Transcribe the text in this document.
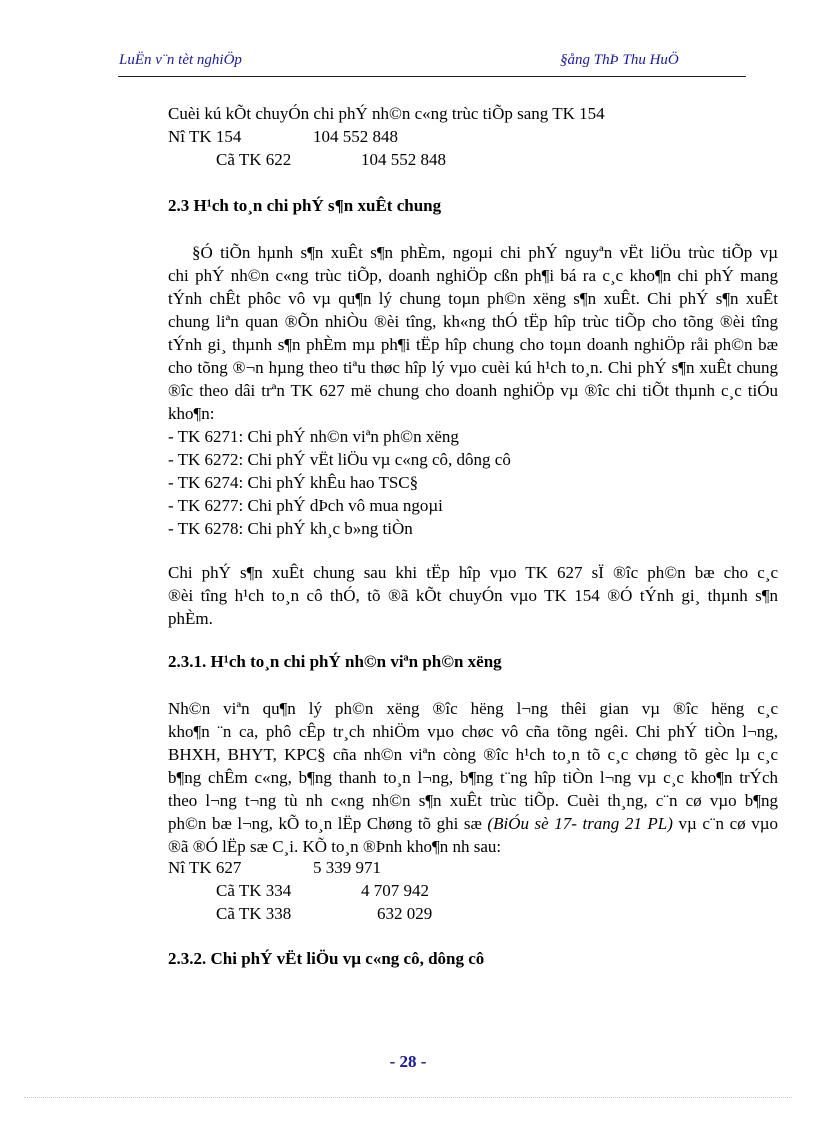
LuËn v¨n tèt nghiÖp	§ång ThÞ Thu HuÖ
Cuèi kú kÕt chuyÓn chi phÝ nh©n c«ng trùc tiÕp sang TK 154
Nî TK 154	104 552 848
Cã TK 622	104 552 848
2.3 H¹ch to¸n chi phÝ s¶n xuÊt chung
§Ó tiÕn hµnh s¶n xuÊt s¶n phÈm, ngoµi chi phÝ nguyªn vËt liÖu trùc tiÕp vµ
chi phÝ nh©n c«ng trùc tiÕp, doanh nghiÖp cßn ph¶i bá ra c¸c kho¶n chi phÝ mang
tÝnh chÊt phôc vô vµ qu¶n lý chung toµn ph©n xëng s¶n xuÊt. Chi phÝ s¶n xuÊt
chung liªn quan ®Õn nhiÒu ®èi tîng, kh«ng thÓ tËp hîp trùc tiÕp cho tõng ®èi tîng
tÝnh gi¸ thµnh s¶n phÈm mµ ph¶i tËp hîp chung cho toµn doanh nghiÖp råi ph©n bæ
cho tõng ®¬n hµng theo tiªu thøc hîp lý vµo cuèi kú h¹ch to¸n. Chi phÝ s¶n xuÊt chung
®îc theo dâi trªn TK 627 më chung cho doanh nghiÖp vµ ®îc chi tiÕt thµnh c¸c tiÓu
kho¶n:
- TK 6271: Chi phÝ nh©n viªn ph©n xëng
- TK 6272: Chi phÝ vËt liÖu vµ c«ng cô, dông cô
- TK 6274: Chi phÝ khÊu hao TSC§
- TK 6277: Chi phÝ dÞch vô mua ngoµi
- TK 6278: Chi phÝ kh¸c b»ng tiÒn
Chi phÝ s¶n xuÊt chung sau khi tËp hîp vµo TK 627 sÏ ®îc ph©n bæ cho c¸c
®èi tîng h¹ch to¸n cô thÓ, tõ ®ã kÕt chuyÓn vµo TK 154 ®Ó tÝnh gi¸ thµnh s¶n
phÈm.
2.3.1. H¹ch to¸n chi phÝ nh©n viªn ph©n xëng
Nh©n viªn qu¶n lý ph©n xëng ®îc hëng l¬ng thêi gian vµ ®îc hëng c¸c
kho¶n ¨n ca, phô cÊp tr¸ch nhiÖm vµo chøc vô cña tõng ngêi. Chi phÝ tiÒn l¬ng,
BHXH, BHYT, KPC§ cña nh©n viªn còng ®îc h¹ch to¸n tõ c¸c chøng tõ gèc lµ c¸c
b¶ng chÊm c«ng, b¶ng thanh to¸n l¬ng, b¶ng t¨ng hîp tiÒn l¬ng vµ c¸c kho¶n trÝch
theo l¬ng t¬ng tù nh c«ng nh©n s¶n xuÊt trùc tiÕp. Cuèi th¸ng, c¨n cø vµo b¶ng
ph©n bæ l¬ng, kÕ to¸n lËp Chøng tõ ghi sæ (BiÓu sè 17- trang 21 PL) vµ c¨n cø vµo
®ã ®Ó lËp sæ C¸i. KÕ to¸n ®Þnh kho¶n nh sau:
Nî TK 627	5 339 971
Cã TK 334	4 707 942
Cã TK 338	632 029
2.3.2. Chi phÝ vËt liÖu vµ c«ng cô, dông cô
- 28 -
